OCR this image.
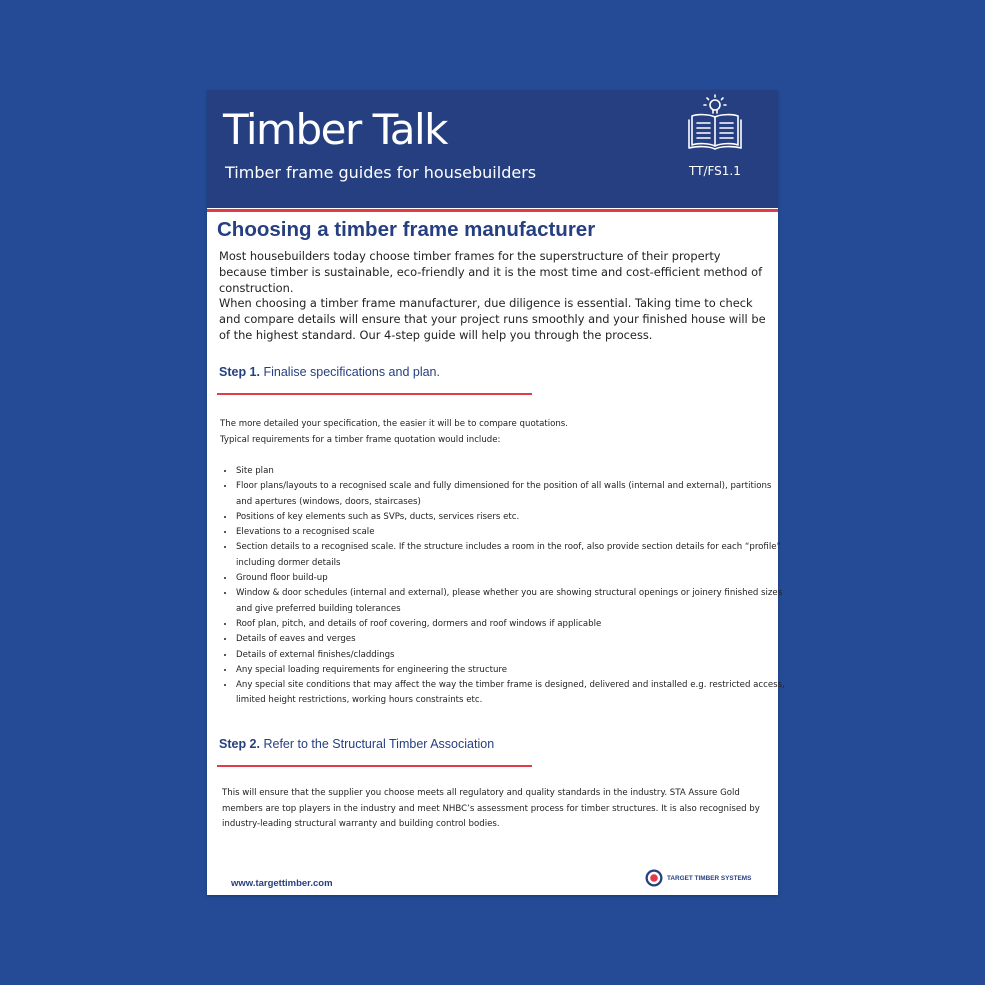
Timber Talk
Timber frame guides for housebuilders	TT/FS1.1
Choosing a timber frame manufacturer
Most housebuilders today choose timber frames for the superstructure of their property because timber is sustainable, eco-friendly and it is the most time and cost-efficient method of construction.
When choosing a timber frame manufacturer, due diligence is essential. Taking time to check and compare details will ensure that your project runs smoothly and your finished house will be of the highest standard. Our 4-step guide will help you through the process.
Step 1. Finalise specifications and plan.
The more detailed your specification, the easier it will be to compare quotations.
Typical requirements for a timber frame quotation would include:
• Site plan
• Floor plans/layouts to a recognised scale and fully dimensioned for the position of all walls (internal and external), partitions and apertures (windows, doors, staircases)
• Positions of key elements such as SVPs, ducts, services risers etc.
• Elevations to a recognised scale
• Section details to a recognised scale. If the structure includes a room in the roof, also provide section details for each “profile” including dormer details
• Ground floor build-up
• Window & door schedules (internal and external), please whether you are showing structural openings or joinery finished sizes and give preferred building tolerances
• Roof plan, pitch, and details of roof covering, dormers and roof windows if applicable
• Details of eaves and verges
• Details of external finishes/claddings
• Any special loading requirements for engineering the structure
• Any special site conditions that may affect the way the timber frame is designed, delivered and installed e.g. restricted access, limited height restrictions, working hours constraints etc.
Step 2. Refer to the Structural Timber Association
This will ensure that the supplier you choose meets all regulatory and quality standards in the industry. STA Assure Gold members are top players in the industry and meet NHBC’s assessment process for timber structures. It is also recognised by industry-leading structural warranty and building control bodies.
www.targettimber.com	TARGET TIMBER SYSTEMS
